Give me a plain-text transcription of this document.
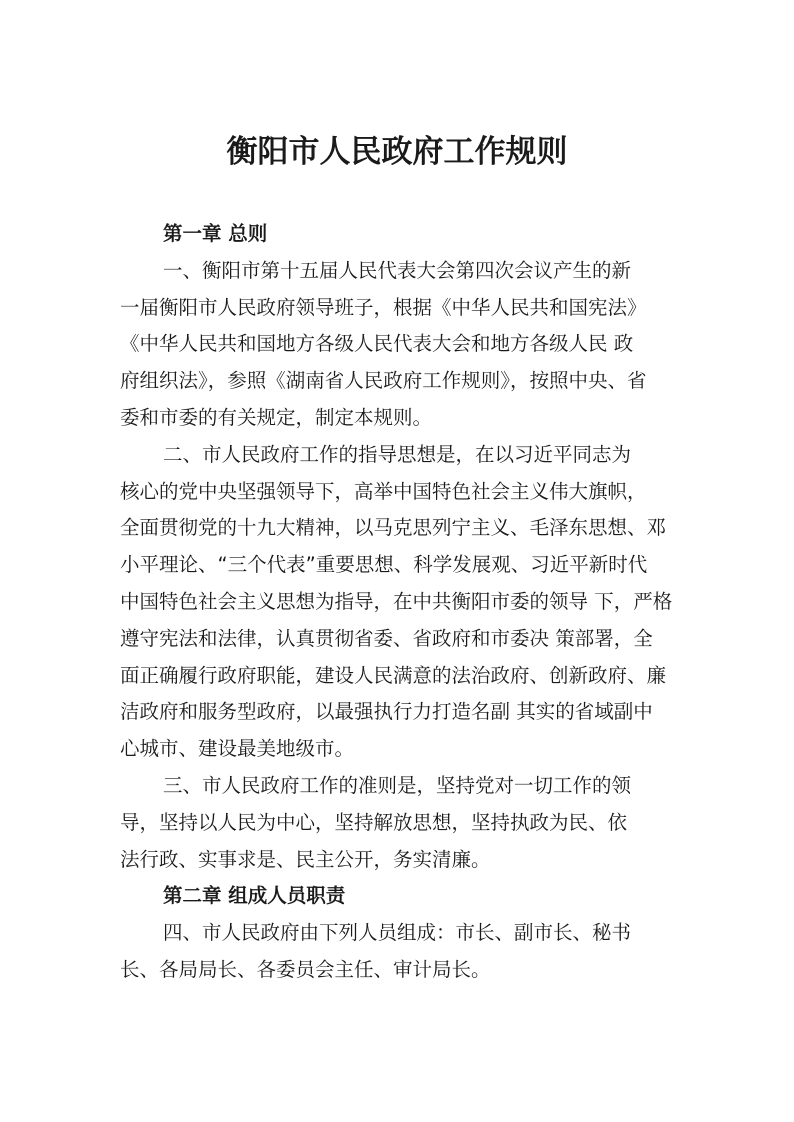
衡阳市人民政府工作规则
第一章 总则
一、衡阳市第十五届人民代表大会第四次会议产生的新
一届衡阳市人民政府领导班子，根据《中华人民共和国宪法》
《中华人民共和国地方各级人民代表大会和地方各级人民 政
府组织法》，参照《湖南省人民政府工作规则》，按照中央、省
委和市委的有关规定，制定本规则。
二、市人民政府工作的指导思想是，在以习近平同志为
核心的党中央坚强领导下，高举中国特色社会主义伟大旗帜，
全面贯彻党的十九大精神，以马克思列宁主义、毛泽东思想、邓
小平理论、“三个代表”重要思想、科学发展观、习近平新时代
中国特色社会主义思想为指导，在中共衡阳市委的领导 下，严格
遵守宪法和法律，认真贯彻省委、省政府和市委决 策部署，全
面正确履行政府职能，建设人民满意的法治政府、创新政府、廉
洁政府和服务型政府，以最强执行力打造名副 其实的省域副中
心城市、建设最美地级市。
三、市人民政府工作的准则是，坚持党对一切工作的领
导，坚持以人民为中心，坚持解放思想，坚持执政为民、依
法行政、实事求是、民主公开，务实清廉。
第二章 组成人员职责
四、市人民政府由下列人员组成：市长、副市长、秘书
长、各局局长、各委员会主任、审计局长。
